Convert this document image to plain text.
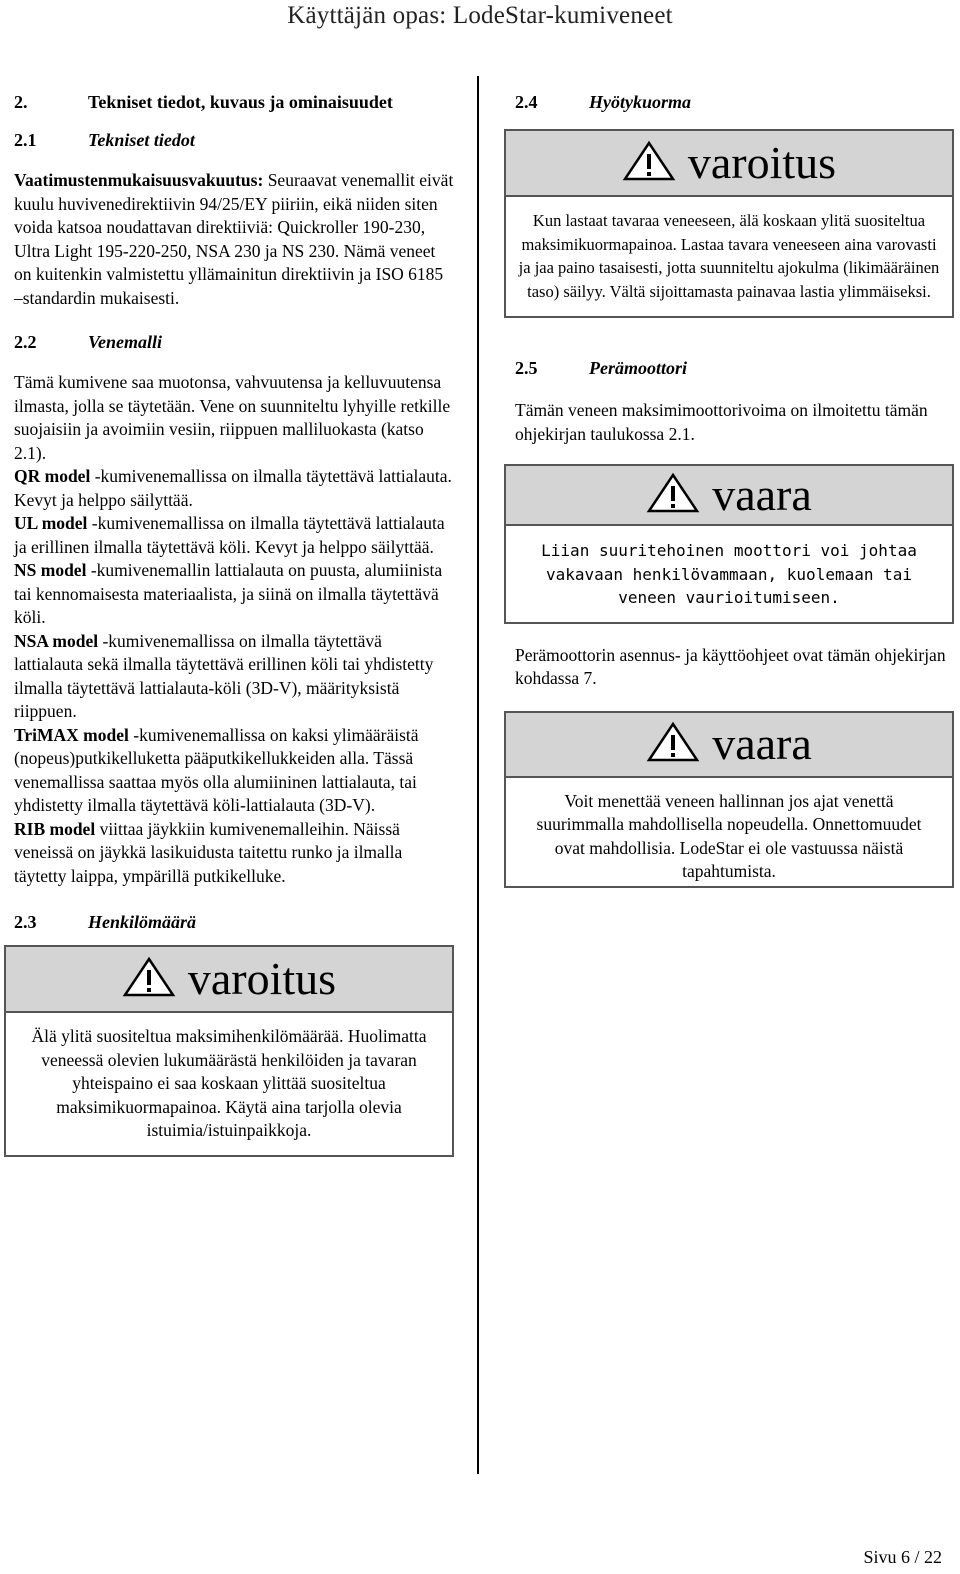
Käyttäjän opas: LodeStar-kumiveneet
2.	Tekniset tiedot, kuvaus ja ominaisuudet
2.1	Tekniset tiedot

Vaatimustenmukaisuusvakuutus: Seuraavat venemallit eivät kuulu huvivenedirektiivin 94/25/EY piiriin, eikä niiden siten voida katsoa noudattavan direktiiviä: Quickroller 190-230, Ultra Light 195-220-250, NSA 230 ja NS 230. Nämä veneet on kuitenkin valmistettu yllämainitun direktiivin ja ISO 6185 –standardin mukaisesti.

2.2	Venemalli

Tämä kumivene saa muotonsa, vahvuutensa ja kelluvuutensa ilmasta, jolla se täytetään. Vene on suunniteltu lyhyille retkille suojaisiin ja avoimiin vesiin, riippuen malliluokasta (katso 2.1).

QR model -kumivenemallissa on ilmalla täytettävä lattialauta. Kevyt ja helppo säilyttää.

UL model -kumivenemallissa on ilmalla täytettävä lattialauta ja erillinen ilmalla täytettävä köli. Kevyt ja helppo säilyttää.

NS model -kumivenemallin lattialauta on puusta, alumiinista tai kennomaisesta materiaalista, ja siinä on ilmalla täytettävä köli.

NSA model -kumivenemallissa on ilmalla täytettävä lattialauta sekä ilmalla täytettävä erillinen köli tai yhdistetty ilmalla täytettävä lattialauta-köli (3D-V), määrityksistä riippuen.

TriMAX model -kumivenemallissa on kaksi ylimääräistä (nopeus)putkikelluketta pääputkikellukkeiden alla. Tässä venemallissa saattaa myös olla alumiininen lattialauta, tai yhdistetty ilmalla täytettävä köli-lattialauta (3D-V).

RIB model viittaa jäykkiin kumivenemalleihin. Näissä veneissä on jäykkä lasikuidusta taitettu runko ja ilmalla täytetty laippa, ympärillä putkikelluke.

2.3	Henkilömäärä
varoitus
Älä ylitä suositeltua maksimihenkilömäärää. Huolimatta veneessä olevien lukumäärästä henkilöiden ja tavaran yhteispaino ei saa koskaan ylittää suositeltua maksimikuormapainoa. Käytä aina tarjolla olevia istuimia/istuinpaikkoja.
2.4	Hyötykuorma
varoitus
Kun lastaat tavaraa veneeseen, älä koskaan ylitä suositeltua maksimikuormapainoa. Lastaa tavara veneeseen aina varovasti ja jaa paino tasaisesti, jotta suunniteltu ajokulma (likimääräinen taso) säilyy. Vältä sijoittamasta painavaa lastia ylimmäiseksi.
2.5	Perämoottori
Tämän veneen maksimimoottorivoima on ilmoitettu tämän ohjekirjan taulukossa 2.1.
vaara
Liian suuritehoinen moottori voi johtaa vakavaan henkilövammaan, kuolemaan tai veneen vaurioitumiseen.
Perämoottorin asennus- ja käyttöohjeet ovat tämän ohjekirjan kohdassa 7.
vaara
Voit menettää veneen hallinnan jos ajat venettä suurimmalla mahdollisella nopeudella. Onnettomuudet ovat mahdollisia. LodeStar ei ole vastuussa näistä tapahtumista.
Sivu 6 / 22
